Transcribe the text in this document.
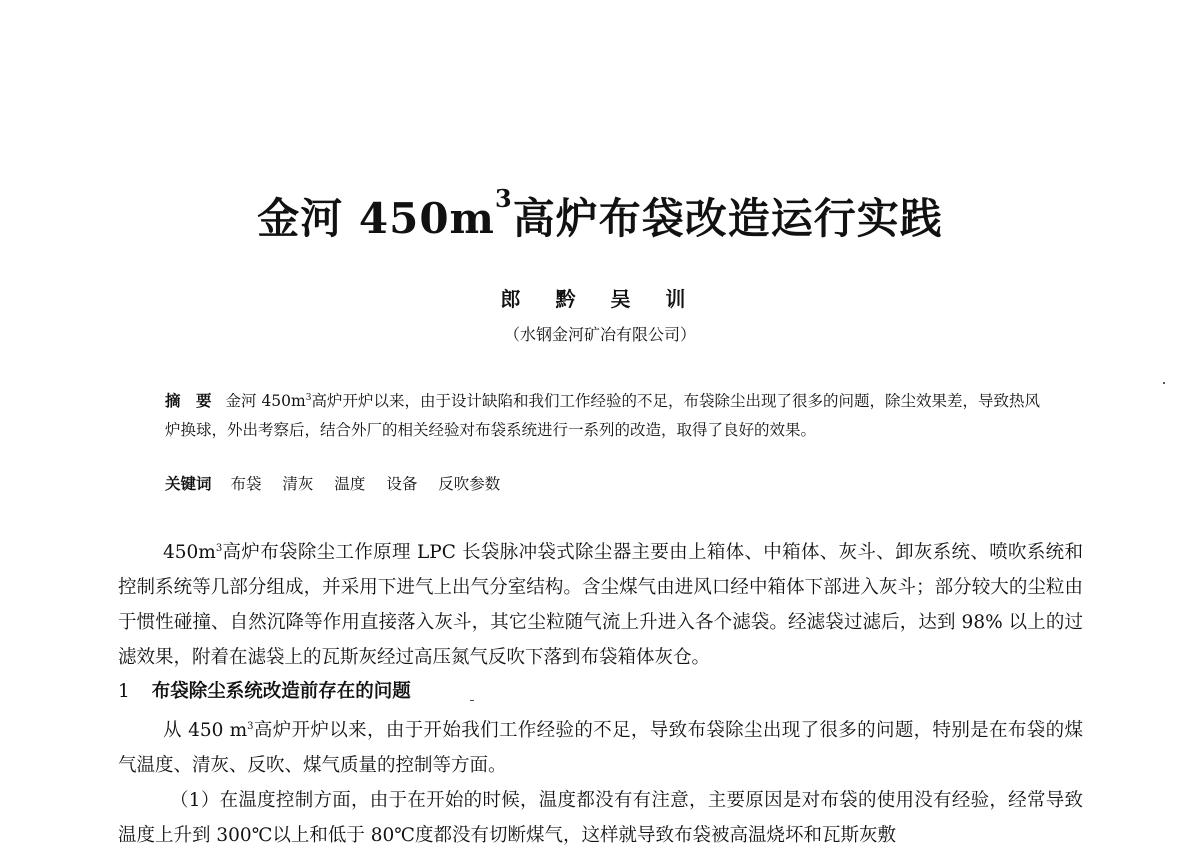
金河 $450m^3$高炉布袋改造运行实践
郎 黔 吴 训
（水钢金河矿冶有限公司）
摘　要 金河 $450m^3$高炉开炉以来，由于设计缺陷和我们工作经验的不足，布袋除尘出现了很多的问题，除尘效果差，导致热风炉换球，外出考察后，结合外厂的相关经验对布袋系统进行一系列的改造，取得了良好的效果。
关键词 布袋 清灰 温度 设备 反吹参数

$450m^3$高炉布袋除尘工作原理 LPC 长袋脉冲袋式除尘器主要由上箱体、中箱体、灰斗、卸灰系统、喷吹系统和控制系统等几部分组成，并采用下进气上出气分室结构。含尘煤气由进风口经中箱体下部进入灰斗；部分较大的尘粒由于惯性碰撞、自然沉降等作用直接落入灰斗，其它尘粒随气流上升进入各个滤袋。经滤袋过滤后，达到 98% 以上的过滤效果，附着在滤袋上的瓦斯灰经过高压氮气反吹下落到布袋箱体灰仓。

1 布袋除尘系统改造前存在的问题

从 450 $m^3$高炉开炉以来，由于开始我们工作经验的不足，导致布袋除尘出现了很多的问题，特别是在布袋的煤气温度、清灰、反吹、煤气质量的控制等方面。

（1）在温度控制方面，由于在开始的时候，温度都没有有注意，主要原因是对布袋的使用没有经验，经常导致温度上升到 300℃以上和低于 80℃度都没有切断煤气，这样就导致布袋被高温烧坏和瓦斯灰敷
